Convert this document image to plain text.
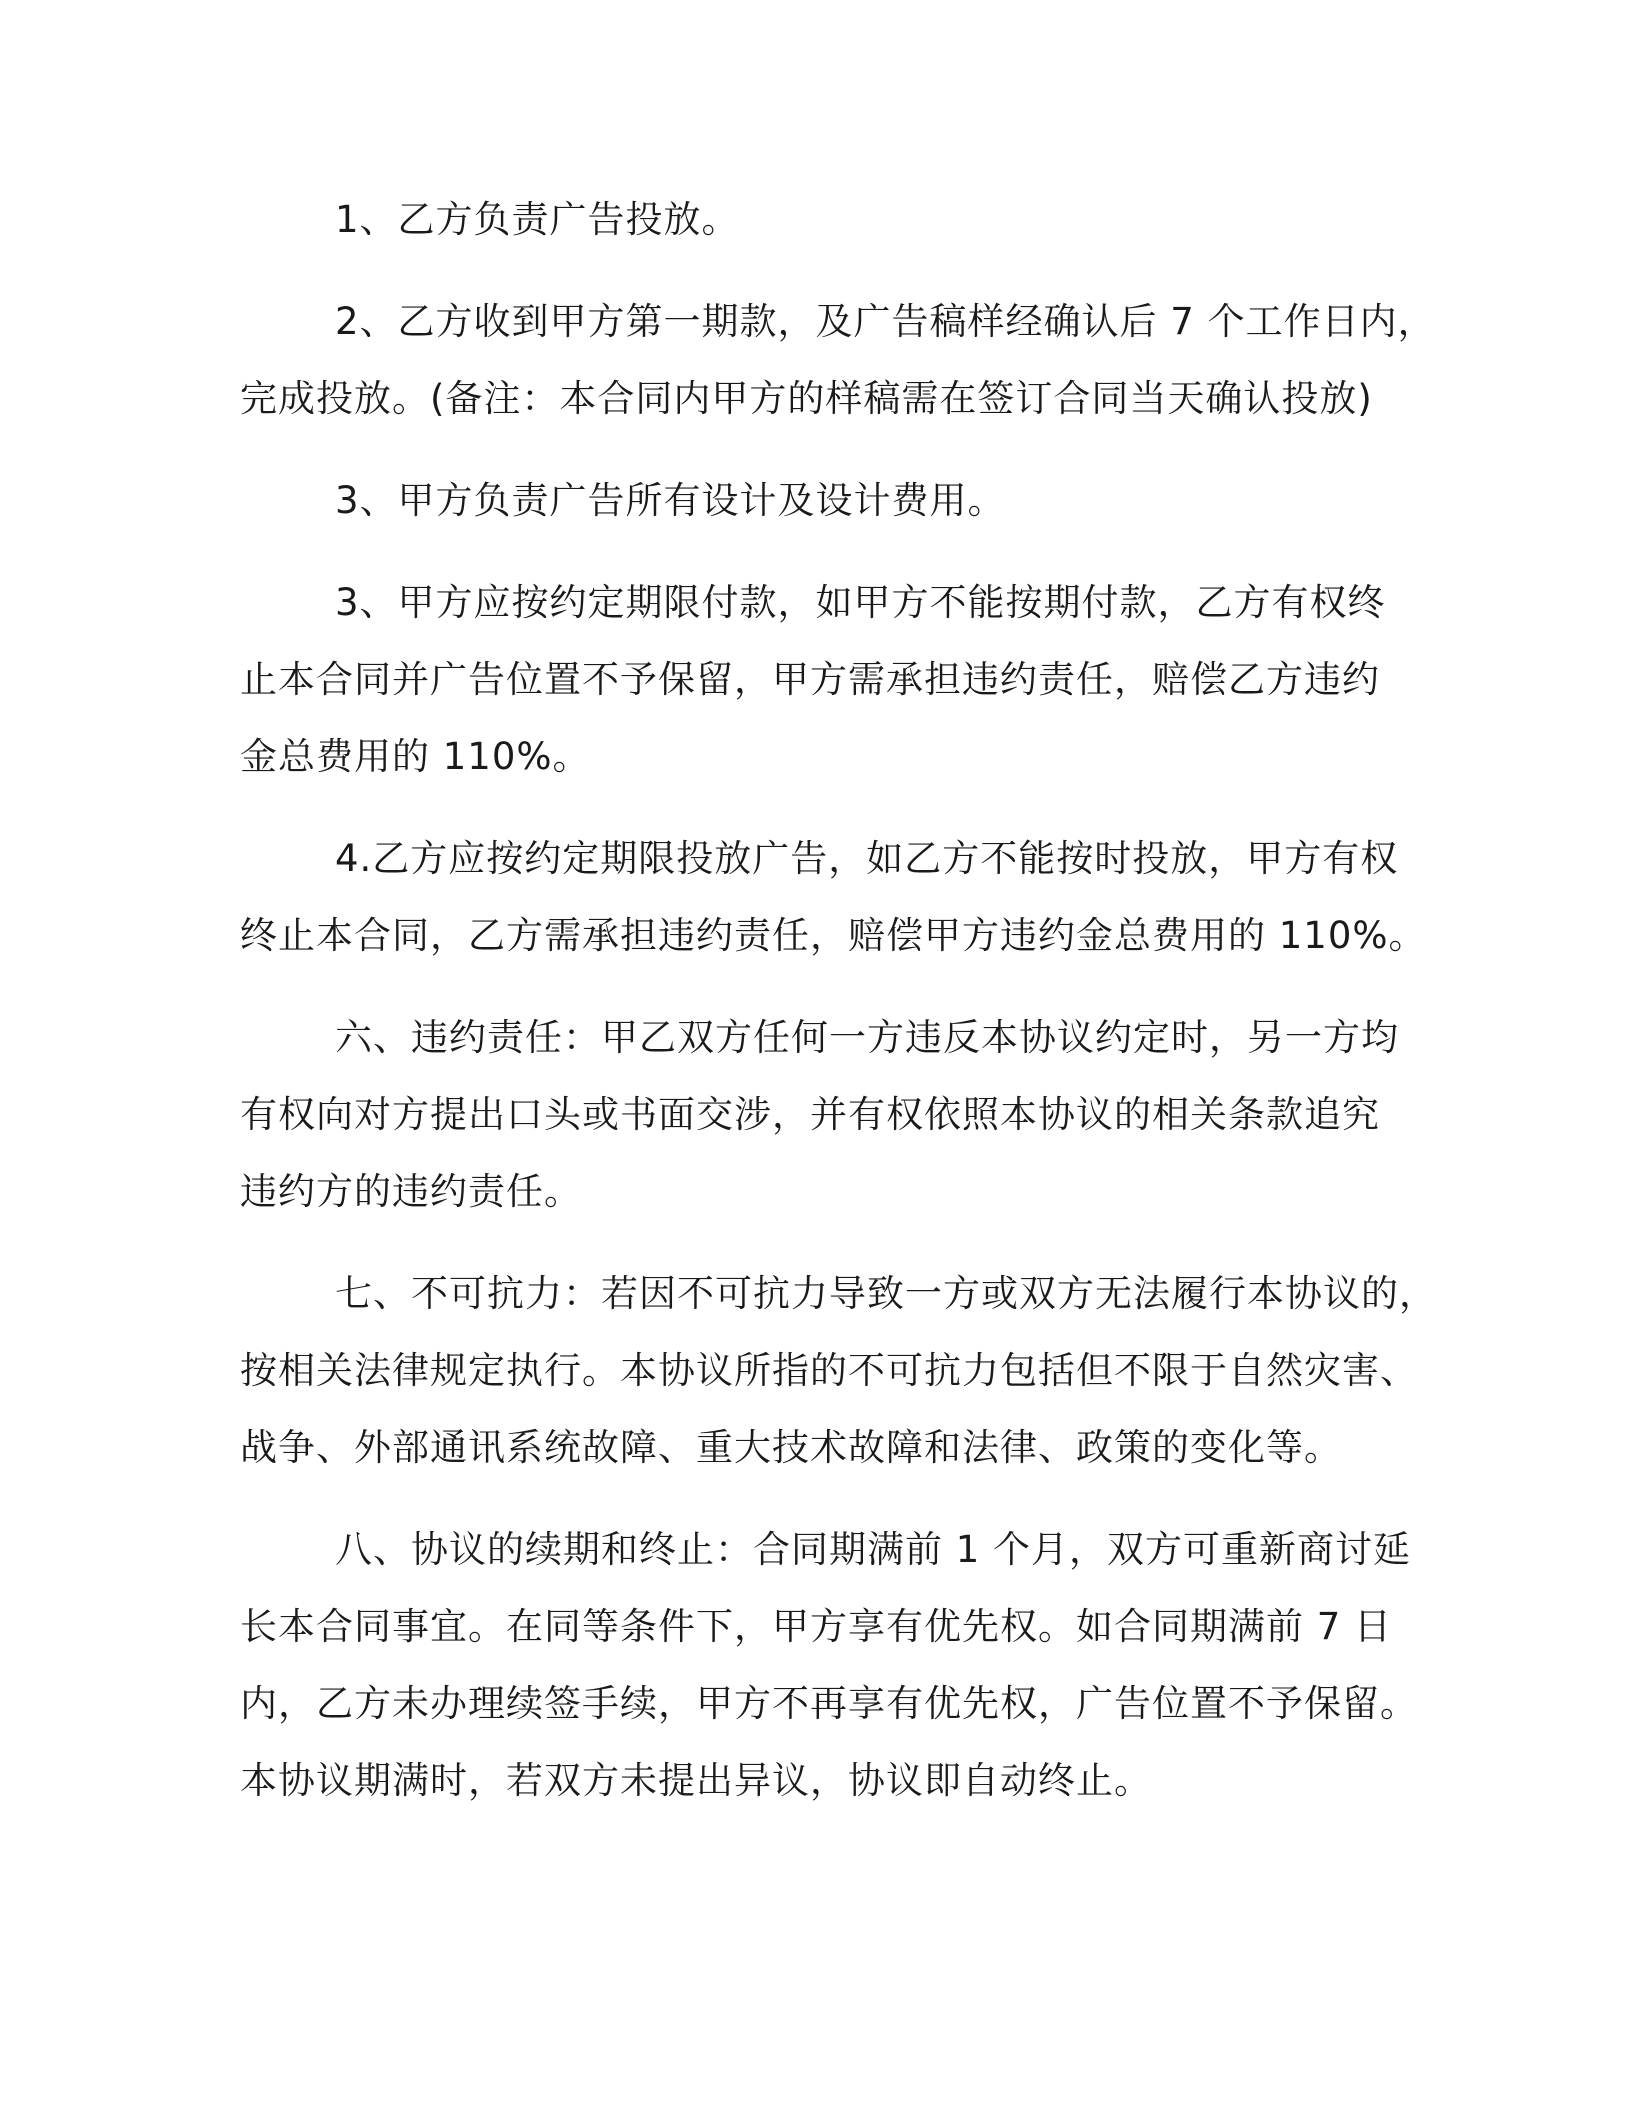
1、乙方负责广告投放。
2、乙方收到甲方第一期款，及广告稿样经确认后 7 个工作日内，
完成投放。(备注：本合同内甲方的样稿需在签订合同当天确认投放)
3、甲方负责广告所有设计及设计费用。
3、甲方应按约定期限付款，如甲方不能按期付款，乙方有权终
止本合同并广告位置不予保留，甲方需承担违约责任，赔偿乙方违约
金总费用的 110%。
4.乙方应按约定期限投放广告，如乙方不能按时投放，甲方有权
终止本合同，乙方需承担违约责任，赔偿甲方违约金总费用的 110%。
六、违约责任：甲乙双方任何一方违反本协议约定时，另一方均
有权向对方提出口头或书面交涉，并有权依照本协议的相关条款追究
违约方的违约责任。
七、不可抗力：若因不可抗力导致一方或双方无法履行本协议的，
按相关法律规定执行。本协议所指的不可抗力包括但不限于自然灾害、
战争、外部通讯系统故障、重大技术故障和法律、政策的变化等。
八、协议的续期和终止：合同期满前 1 个月，双方可重新商讨延
长本合同事宜。在同等条件下，甲方享有优先权。如合同期满前 7 日
内，乙方未办理续签手续，甲方不再享有优先权，广告位置不予保留。
本协议期满时，若双方未提出异议，协议即自动终止。
